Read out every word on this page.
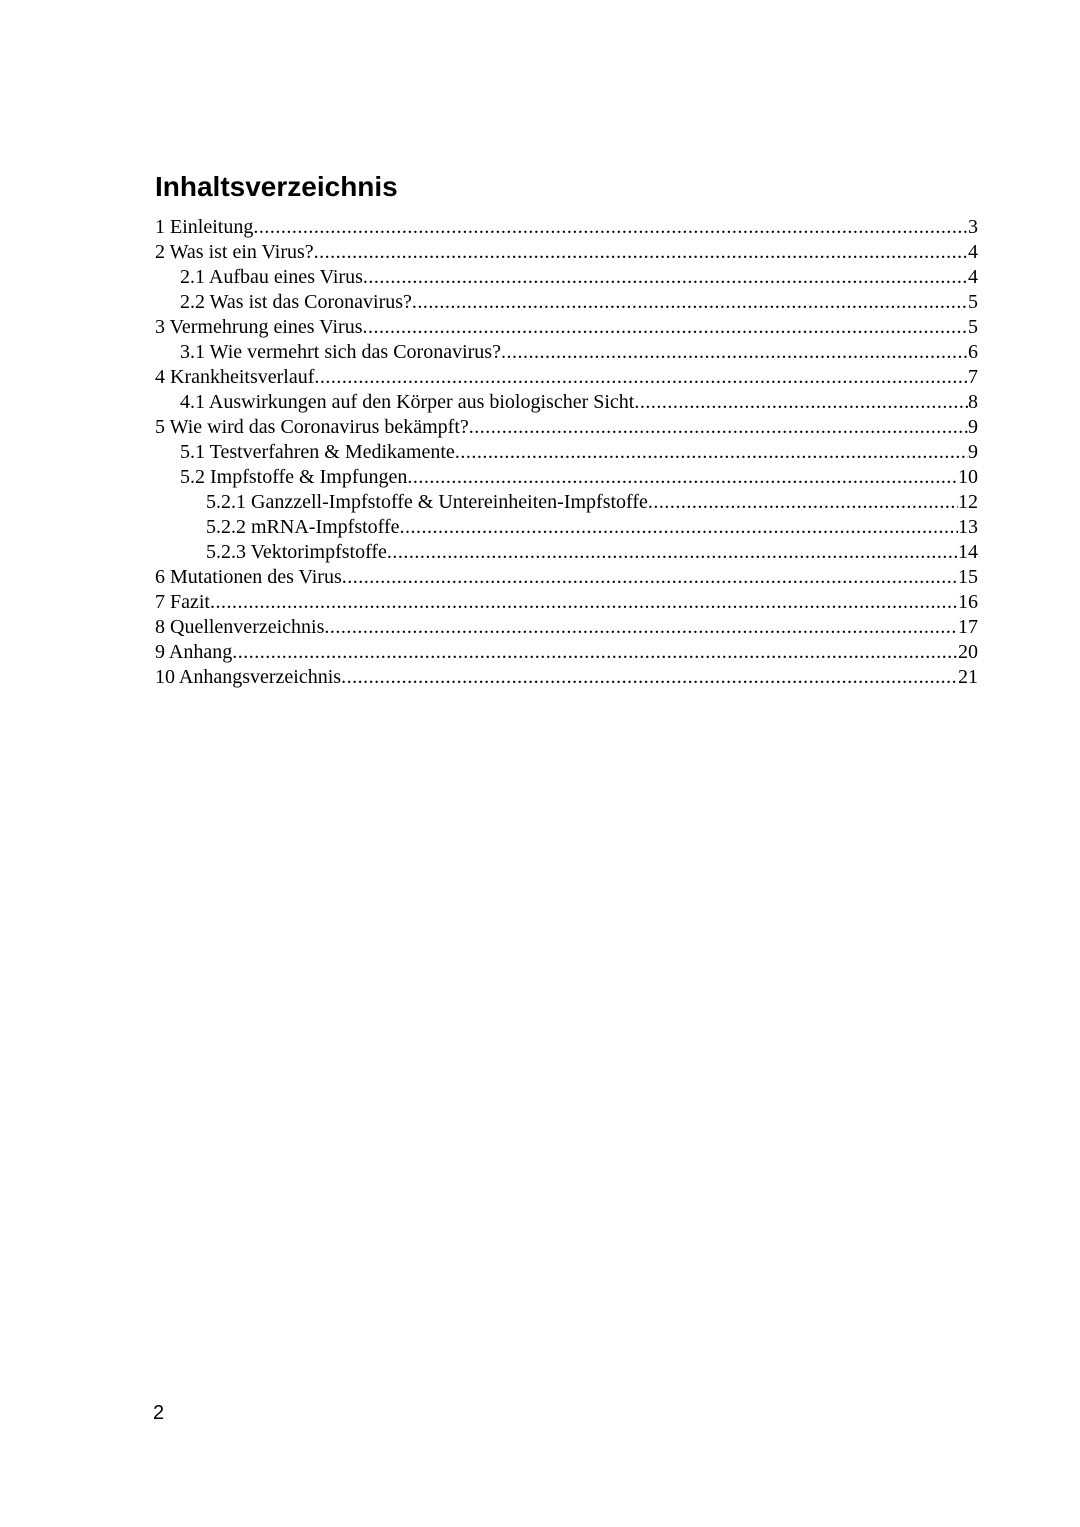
Inhaltsverzeichnis
1 Einleitung .....	3
2 Was ist ein Virus? .....	4
2.1 Aufbau eines Virus .....	4
2.2 Was ist das Coronavirus? .....	5
3 Vermehrung eines Virus .....	5
3.1 Wie vermehrt sich das Coronavirus? .....	6
4 Krankheitsverlauf .....	7
4.1 Auswirkungen auf den Körper aus biologischer Sicht .....	8
5 Wie wird das Coronavirus bekämpft? .....	9
5.1 Testverfahren & Medikamente .....	9
5.2 Impfstoffe & Impfungen .....	10
5.2.1 Ganzzell-Impfstoffe & Untereinheiten-Impfstoffe .....	12
5.2.2 mRNA-Impfstoffe .....	13
5.2.3 Vektorimpfstoffe .....	14
6 Mutationen des Virus .....	15
7 Fazit .....	16
8 Quellenverzeichnis .....	17
9 Anhang .....	20
10 Anhangsverzeichnis .....	21
2
